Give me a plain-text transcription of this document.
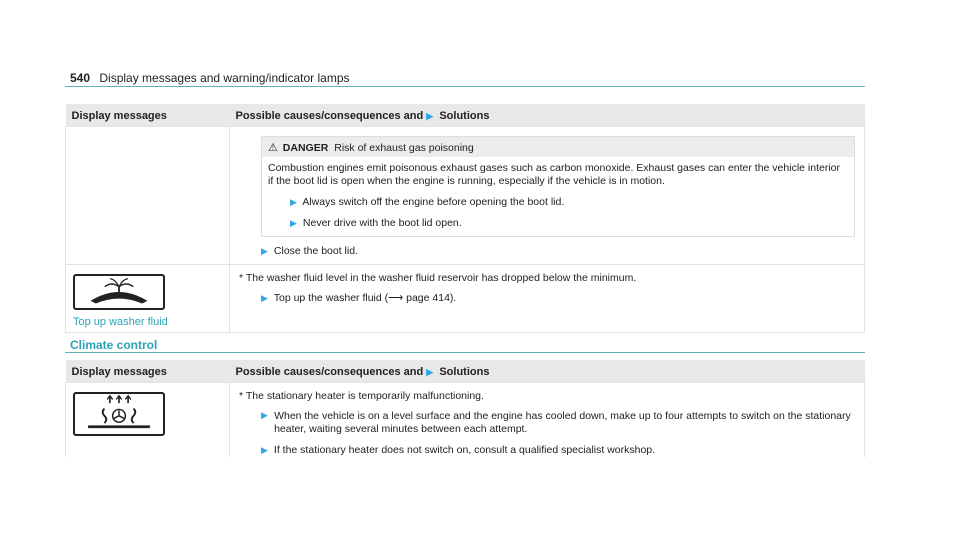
540 Display messages and warning/indicator lamps
Display messages	Possible causes/consequences and ▶ Solutions

	⚠ DANGER Risk of exhaust gas poisoning
Combustion engines emit poisonous exhaust gases such as carbon monoxide. Exhaust gases can enter the vehicle interior if the boot lid is open when the engine is running, especially if the vehicle is in motion.
▶ Always switch off the engine before opening the boot lid.
▶ Never drive with the boot lid open.
▶ Close the boot lid.

Top up washer fluid	* The washer fluid level in the washer fluid reservoir has dropped below the minimum.
▶ Top up the washer fluid (⟶ page 414).
Climate control
Display messages	Possible causes/consequences and ▶ Solutions

* The stationary heater is temporarily malfunctioning.
▶ When the vehicle is on a level surface and the engine has cooled down, make up to four attempts to switch on the stationary heater, waiting several minutes between each attempt.
▶ If the stationary heater does not switch on, consult a qualified specialist workshop.
